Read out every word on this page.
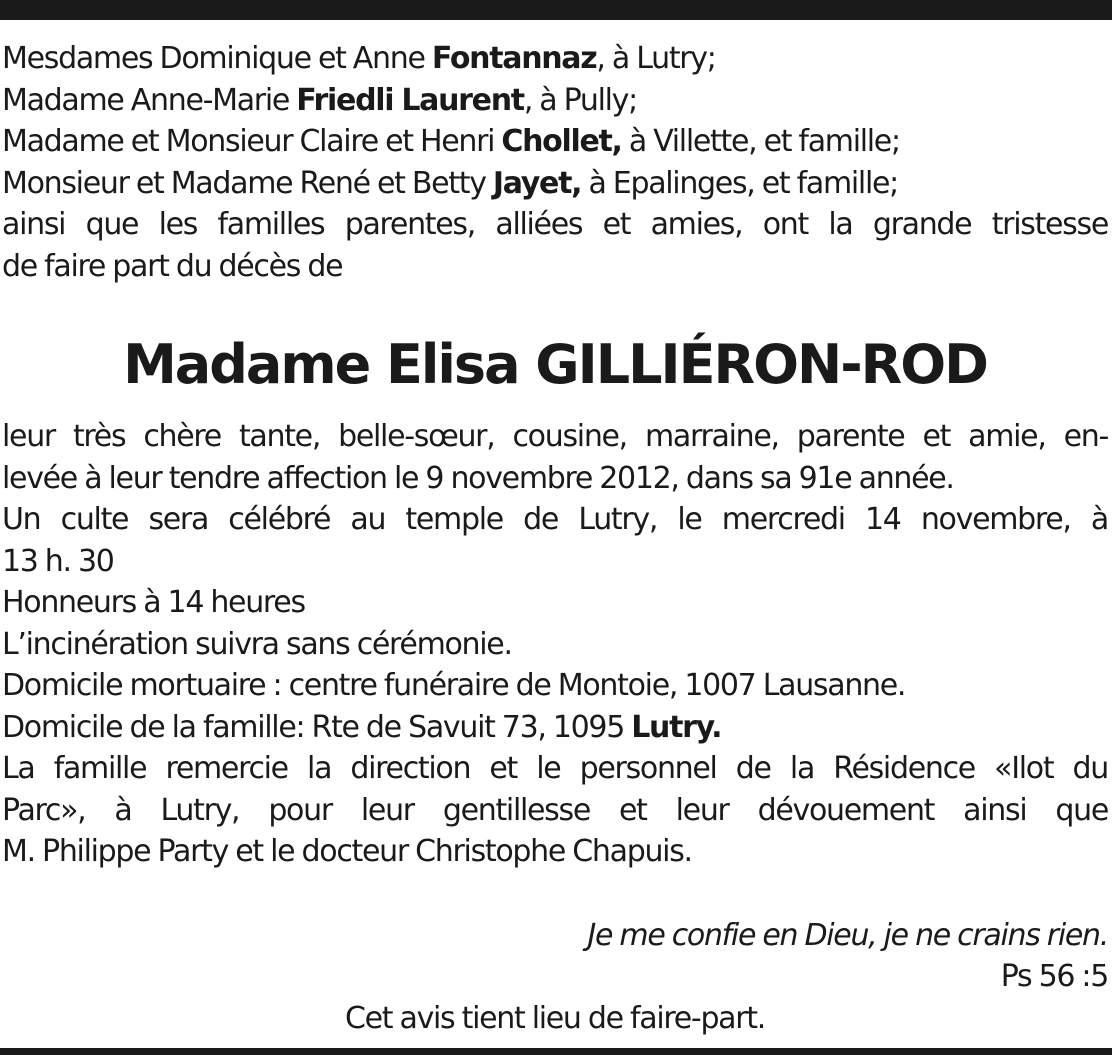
Mesdames Dominique et Anne Fontannaz, à Lutry;
Madame Anne-Marie Friedli Laurent, à Pully;
Madame et Monsieur Claire et Henri Chollet, à Villette, et famille;
Monsieur et Madame René et Betty Jayet, à Epalinges, et famille;
ainsi que les familles parentes, alliées et amies, ont la grande tristesse
de faire part du décès de
Madame Elisa GILLIÉRON-ROD
leur très chère tante, belle-sœur, cousine, marraine, parente et amie, en-
levée à leur tendre affection le 9 novembre 2012, dans sa 91e année.
Un culte sera célébré au temple de Lutry, le mercredi 14 novembre, à
13 h. 30
Honneurs à 14 heures
L’incinération suivra sans cérémonie.
Domicile mortuaire : centre funéraire de Montoie, 1007 Lausanne.
Domicile de la famille: Rte de Savuit 73, 1095 Lutry.
La famille remercie la direction et le personnel de la Résidence «Ilot du
Parc», à Lutry, pour leur gentillesse et leur dévouement ainsi que
M. Philippe Party et le docteur Christophe Chapuis.
Je me confie en Dieu, je ne crains rien.
Ps 56 :5
Cet avis tient lieu de faire-part.
